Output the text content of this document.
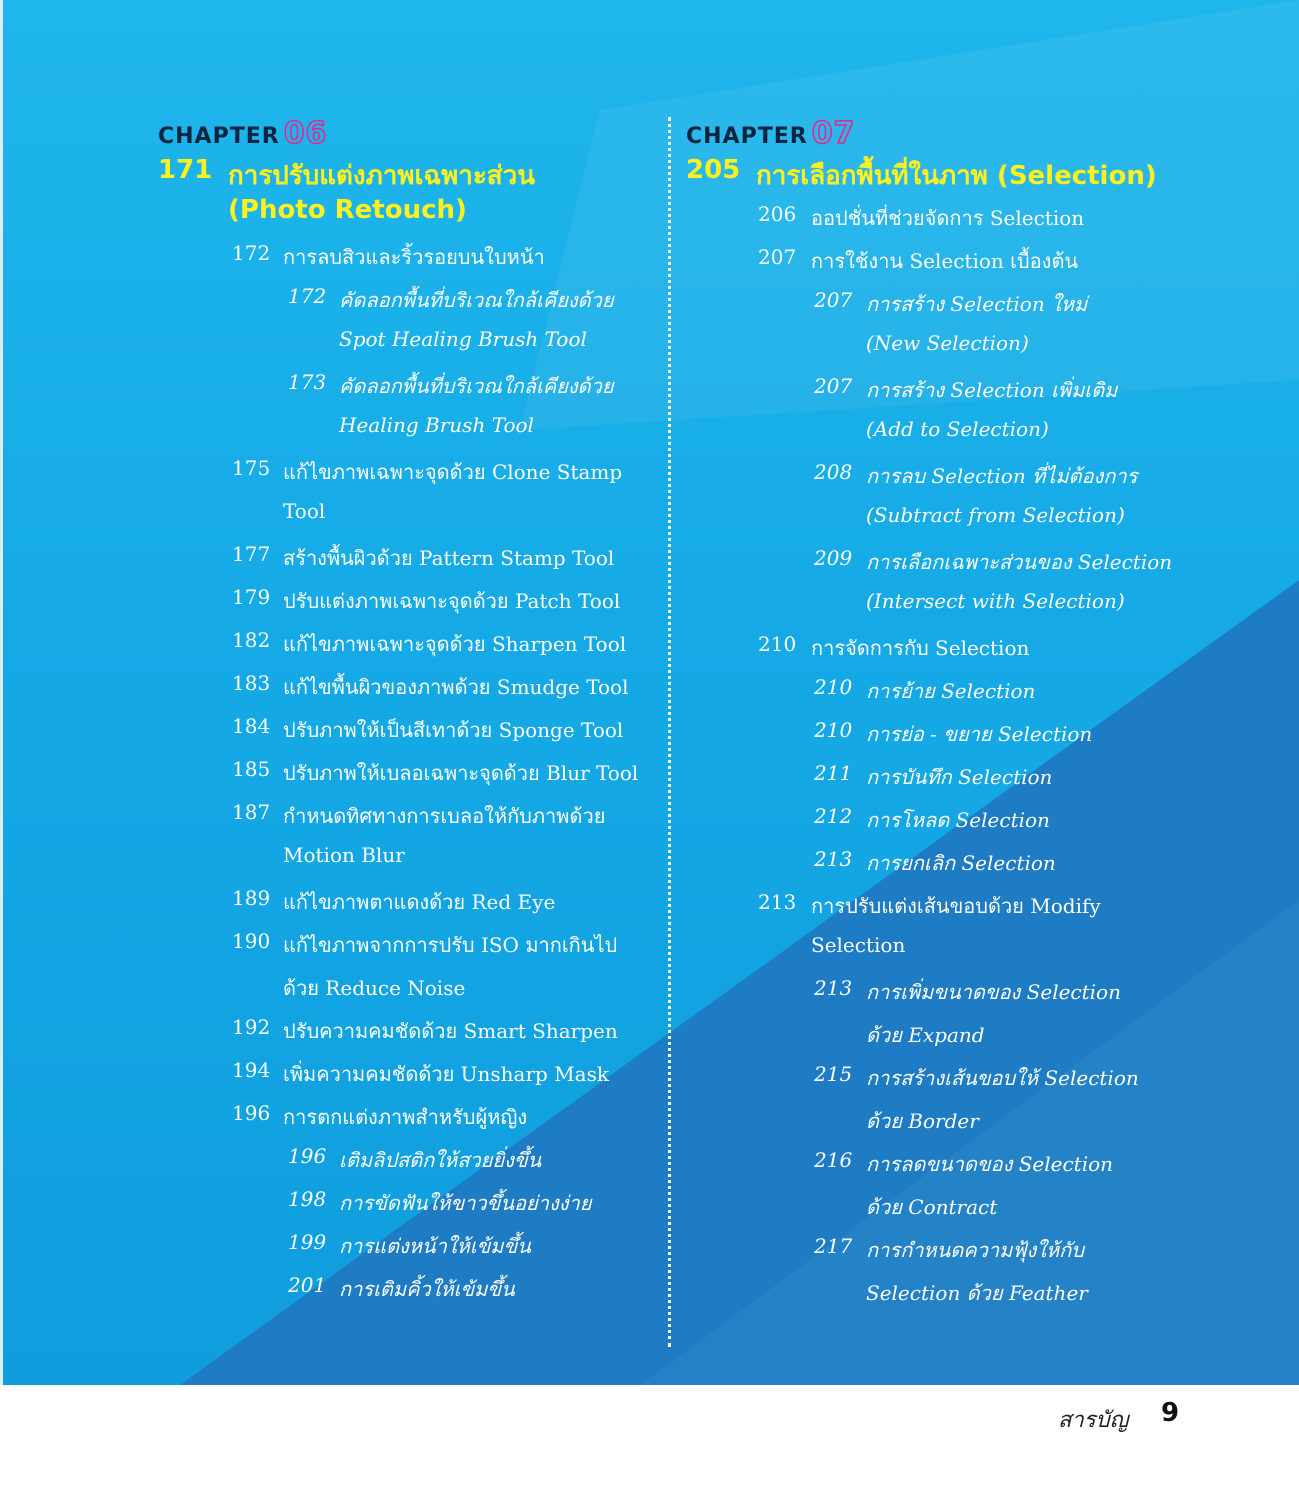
CHAPTER 06
171 การปรับแต่งภาพเฉพาะส่วน
(Photo Retouch)
172 การลบสิวและริ้วรอยบนใบหน้า
172 คัดลอกพื้นที่บริเวณใกล้เคียงด้วย
Spot Healing Brush Tool
173 คัดลอกพื้นที่บริเวณใกล้เคียงด้วย
Healing Brush Tool
175 แก้ไขภาพเฉพาะจุดด้วย Clone Stamp
Tool
177 สร้างพื้นผิวด้วย Pattern Stamp Tool
179 ปรับแต่งภาพเฉพาะจุดด้วย Patch Tool
182 แก้ไขภาพเฉพาะจุดด้วย Sharpen Tool
183 แก้ไขพื้นผิวของภาพด้วย Smudge Tool
184 ปรับภาพให้เป็นสีเทาด้วย Sponge Tool
185 ปรับภาพให้เบลอเฉพาะจุดด้วย Blur Tool
187 กำหนดทิศทางการเบลอให้กับภาพด้วย
Motion Blur
189 แก้ไขภาพตาแดงด้วย Red Eye
190 แก้ไขภาพจากการปรับ ISO มากเกินไป
ด้วย Reduce Noise
192 ปรับความคมชัดด้วย Smart Sharpen
194 เพิ่มความคมชัดด้วย Unsharp Mask
196 การตกแต่งภาพสำหรับผู้หญิง
196 เติมลิปสติกให้สวยยิ่งขึ้น
198 การขัดฟันให้ขาวขึ้นอย่างง่าย
199 การแต่งหน้าให้เข้มขึ้น
201 การเติมคิ้วให้เข้มขึ้น
CHAPTER 07
205 การเลือกพื้นที่ในภาพ (Selection)
206 ออปชั่นที่ช่วยจัดการ Selection
207 การใช้งาน Selection เบื้องต้น
207 การสร้าง Selection ใหม่
(New Selection)
207 การสร้าง Selection เพิ่มเติม
(Add to Selection)
208 การลบ Selection ที่ไม่ต้องการ
(Subtract from Selection)
209 การเลือกเฉพาะส่วนของ Selection
(Intersect with Selection)
210 การจัดการกับ Selection
210 การย้าย Selection
210 การย่อ - ขยาย Selection
211 การบันทึก Selection
212 การโหลด Selection
213 การยกเลิก Selection
213 การปรับแต่งเส้นขอบด้วย Modify
Selection
213 การเพิ่มขนาดของ Selection
ด้วย Expand
215 การสร้างเส้นขอบให้ Selection
ด้วย Border
216 การลดขนาดของ Selection
ด้วย Contract
217 การกำหนดความฟุ้งให้กับ
Selection ด้วย Feather
สารบัญ 9
